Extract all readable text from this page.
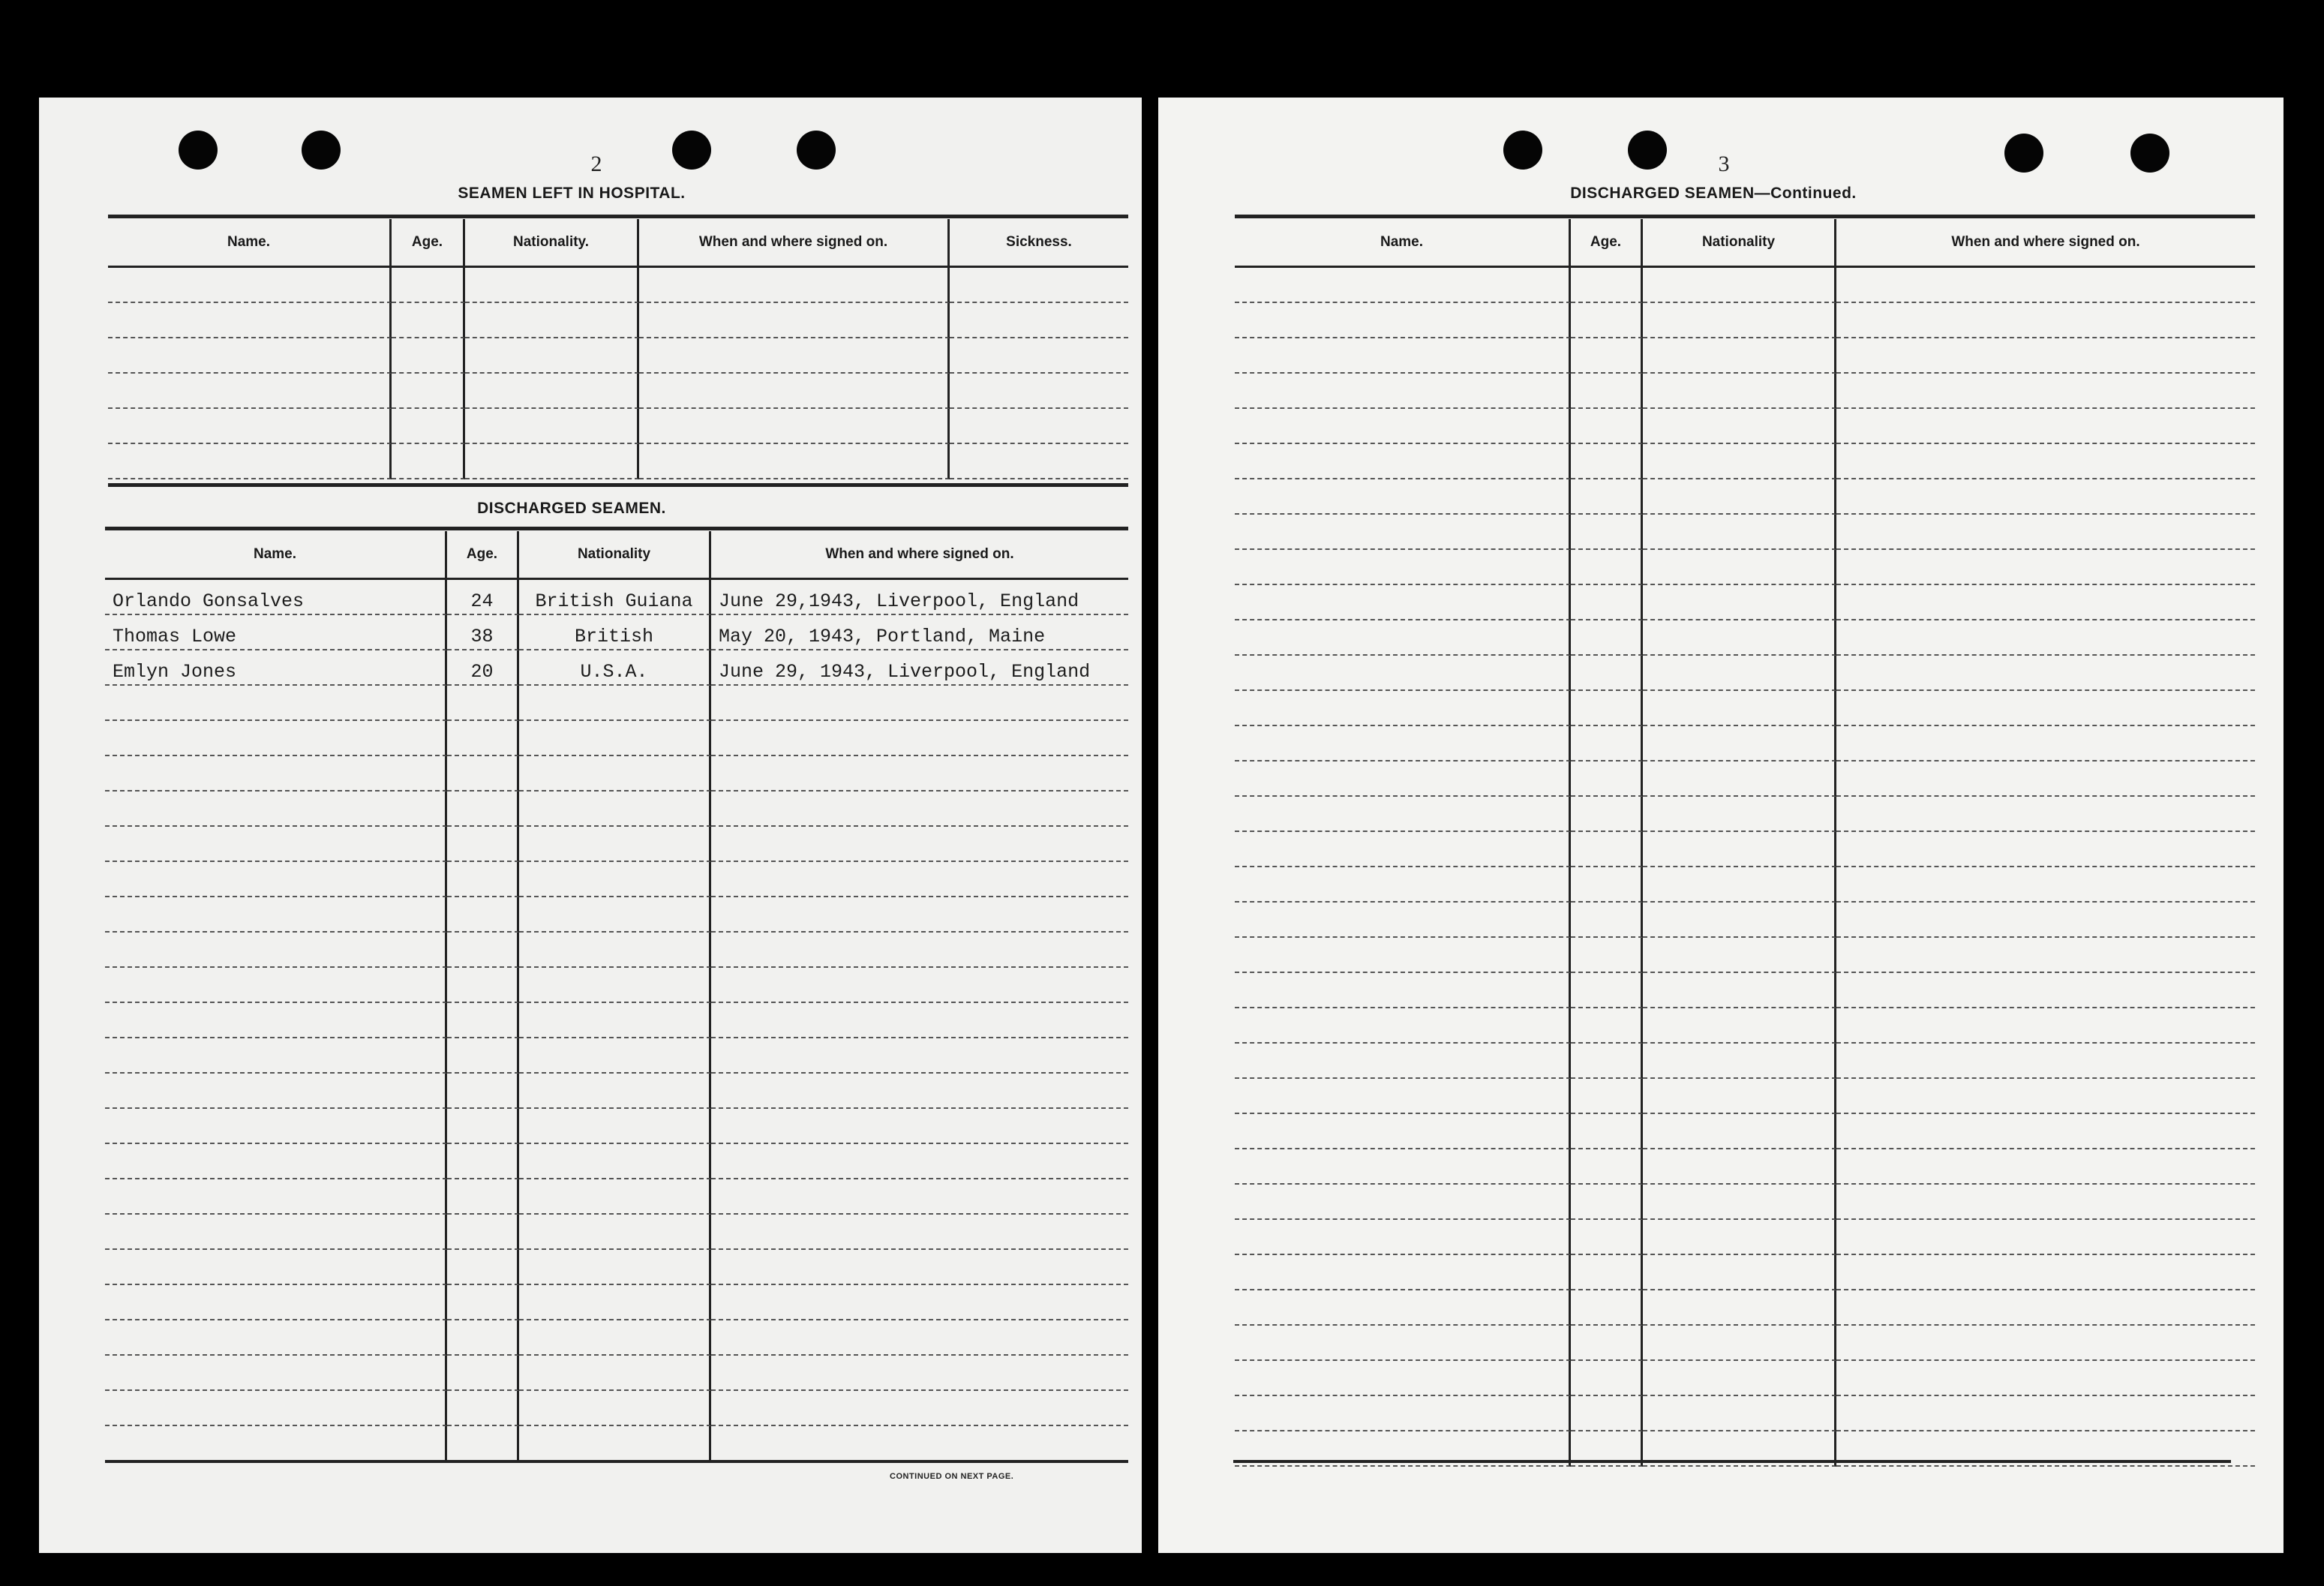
2
SEAMEN LEFT IN HOSPITAL.
Name.	Age.	Nationality.	When and where signed on.	Sickness.
DISCHARGED SEAMEN.
Name.	Age.	Nationality	When and where signed on.
Orlando Gonsalves	24	British Guiana	June 29,1943, Liverpool, England
Thomas Lowe	38	British	May 20, 1943, Portland, Maine
Emlyn Jones	20	U.S.A.	June 29, 1943, Liverpool, England
CONTINUED ON NEXT PAGE.
3
DISCHARGED SEAMEN—Continued.
Name.	Age.	Nationality	When and where signed on.
